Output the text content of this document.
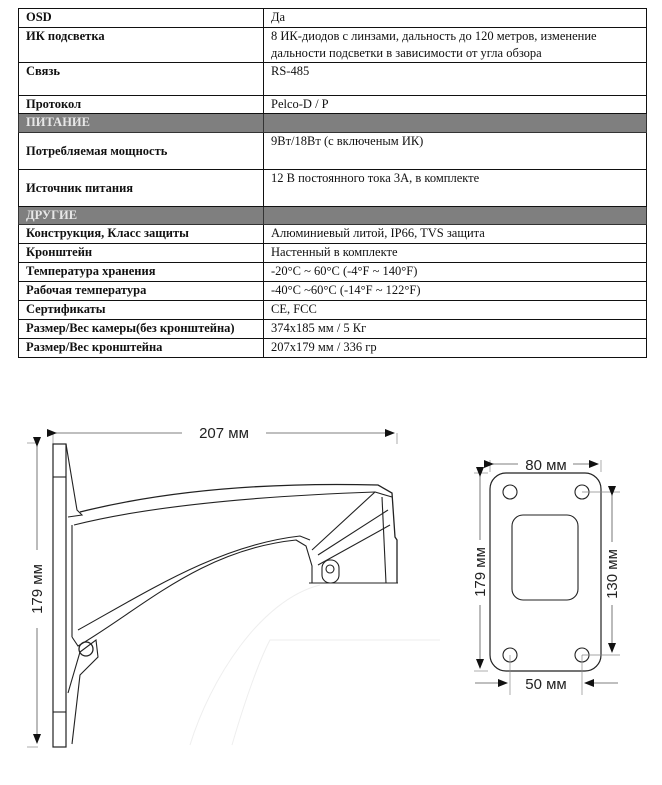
OSD	Да
ИК подсветка	8 ИК-диодов с линзами, дальность до 120 метров, изменение дальности подсветки в зависимости от угла обзора
Связь	RS-485
Протокол	Pelco-D / P
ПИТАНИЕ	
Потребляемая мощность	9Вт/18Вт (с включеным ИК)
Источник питания	12 В постоянного тока 3А, в комплекте
ДРУГИЕ	
Конструкция, Класс защиты	Алюминиевый литой, IP66, TVS защита
Кронштейн	Настенный в комплекте
Температура хранения	-20°C ~ 60°C (-4°F ~ 140°F)
Рабочая температура	-40°C ~60°C (-14°F ~ 122°F)
Сертификаты	CE, FCC
Размер/Вес камеры(без кронштейна)	374x185 мм / 5 Кг
Размер/Вес кронштейна	207x179 мм / 336 гр
207 мм
179 мм
80 мм
179 мм	130 мм
50 мм
